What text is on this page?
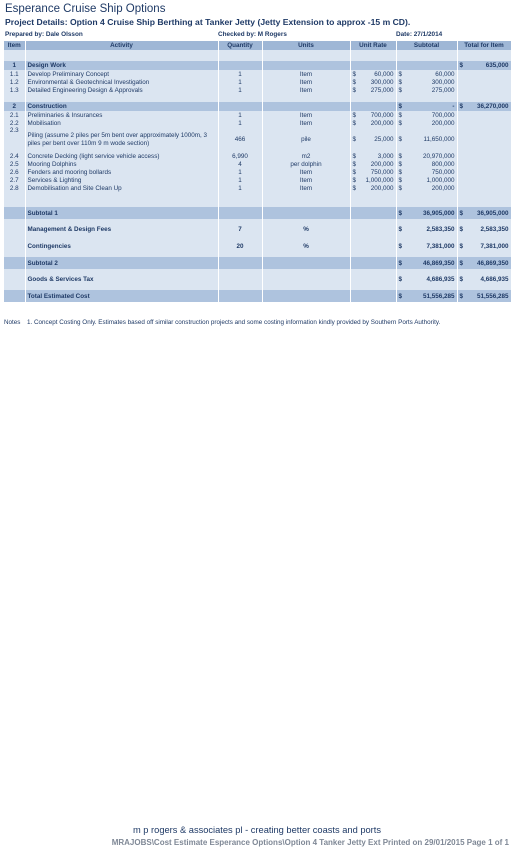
Esperance Cruise Ship Options
Project Details: Option 4 Cruise Ship Berthing at Tanker Jetty (Jetty Extension to approx -15 m CD).
Prepared by: Dale Olsson	Checked by: M Rogers	Date: 27/1/2014
Item	Activity	Quantity	Units	Unit Rate	Subtotal	Total for Item

1	Design Work					$ 635,000

1.1	Develop Preliminary Concept	1	Item	$ 60,000	$ 60,000	

1.2	Environmental & Geotechnical Investigation	1	Item	$ 300,000	$ 300,000	

1.3	Detailed Engineering Design & Approvals	1	Item	$ 275,000	$ 275,000	

2	Construction				$ -	$ 36,270,000

2.1	Preliminaries & Insurances	1	Item	$ 700,000	$ 700,000	

2.2	Mobilisation	1	Item	$ 200,000	$ 200,000	

2.3	Piling (assume 2 piles per 5m bent over approximately 1000m, 3 piles per bent over 110m 9 m wode section)	466	pile	$ 25,000	$ 11,650,000	

2.4	Concrete Decking (light service vehicle access)	6,990	m2	$ 3,000	$ 20,970,000	

2.5	Mooring Dolphins	4	per dolphin	$ 200,000	$ 800,000	

2.6	Fenders and mooring bollards	1	Item	$ 750,000	$ 750,000	

2.7	Services & Lighting	1	Item	$ 1,000,000	$ 1,000,000	

2.8	Demobilisation and Site Clean Up	1	Item	$ 200,000	$ 200,000	

	Subtotal 1				$ 36,905,000	$ 36,905,000

	Management & Design Fees	7	%		$ 2,583,350	$ 2,583,350

	Contingencies	20	%		$ 7,381,000	$ 7,381,000

	Subtotal 2				$ 46,869,350	$ 46,869,350

	Goods & Services Tax				$ 4,686,935	$ 4,686,935

	Total Estimated Cost				$ 51,556,285	$ 51,556,285
Notes 1. Concept Costing Only. Estimates based off similar construction projects and some costing information kindly provided by Southern Ports Authority.
m p rogers & associates pl - creating better coasts and ports
MRAJOBS\Cost Estimate Esperance Options\Option 4 Tanker Jetty Ext Printed on 29/01/2015 Page 1 of 1
